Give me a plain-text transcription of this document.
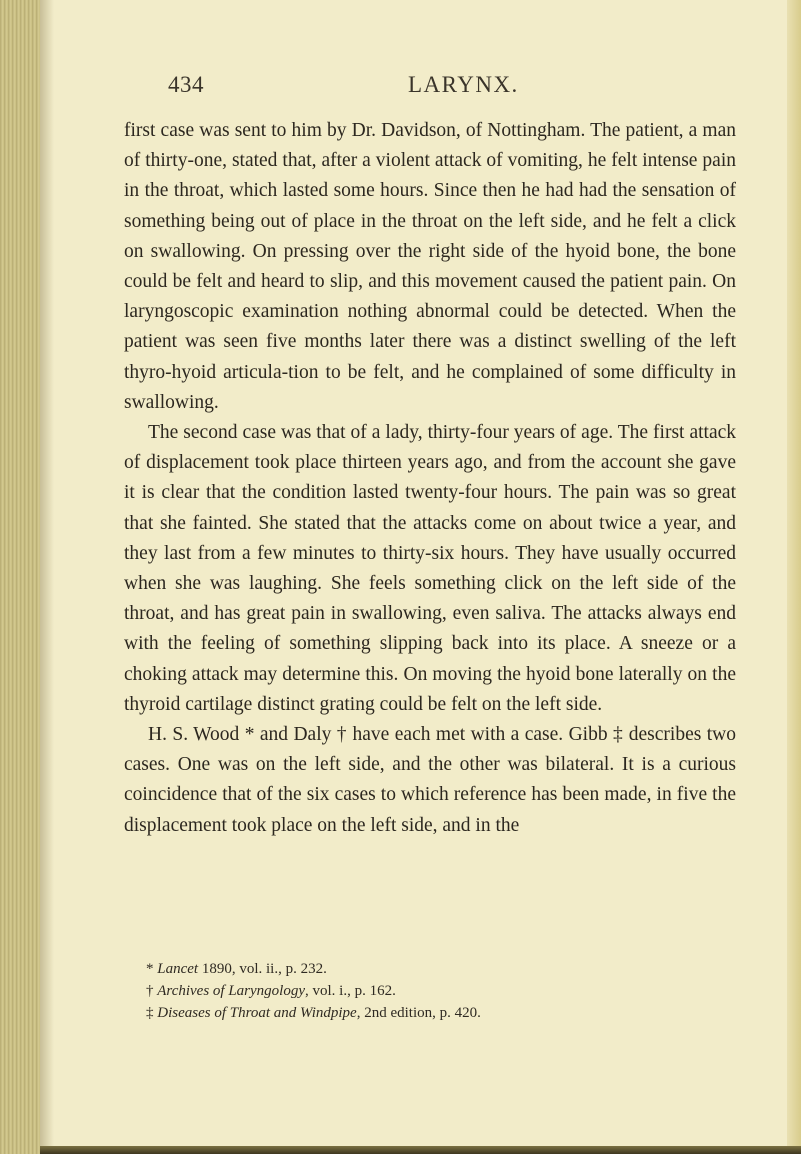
434	LARYNX.

first case was sent to him by Dr. Davidson, of Nottingham. The patient, a man of thirty-one, stated that, after a violent attack of vomiting, he felt intense pain in the throat, which lasted some hours. Since then he had had the sensation of something being out of place in the throat on the left side, and he felt a click on swallowing. On pressing over the right side of the hyoid bone, the bone could be felt and heard to slip, and this movement caused the patient pain. On laryngoscopic examination nothing abnormal could be detected. When the patient was seen five months later there was a distinct swelling of the left thyro-hyoid articula-tion to be felt, and he complained of some difficulty in swallowing.

The second case was that of a lady, thirty-four years of age. The first attack of displacement took place thirteen years ago, and from the account she gave it is clear that the condition lasted twenty-four hours. The pain was so great that she fainted. She stated that the attacks come on about twice a year, and they last from a few minutes to thirty-six hours. They have usually occurred when she was laughing. She feels something click on the left side of the throat, and has great pain in swallowing, even saliva. The attacks always end with the feeling of something slipping back into its place. A sneeze or a choking attack may determine this. On moving the hyoid bone laterally on the thyroid cartilage distinct grating could be felt on the left side.

H. S. Wood * and Daly † have each met with a case. Gibb ‡ describes two cases. One was on the left side, and the other was bilateral. It is a curious coincidence that of the six cases to which reference has been made, in five the displacement took place on the left side, and in the

* Lancet 1890, vol. ii., p. 232.
† Archives of Laryngology, vol. i., p. 162.
‡ Diseases of Throat and Windpipe, 2nd edition, p. 420.
